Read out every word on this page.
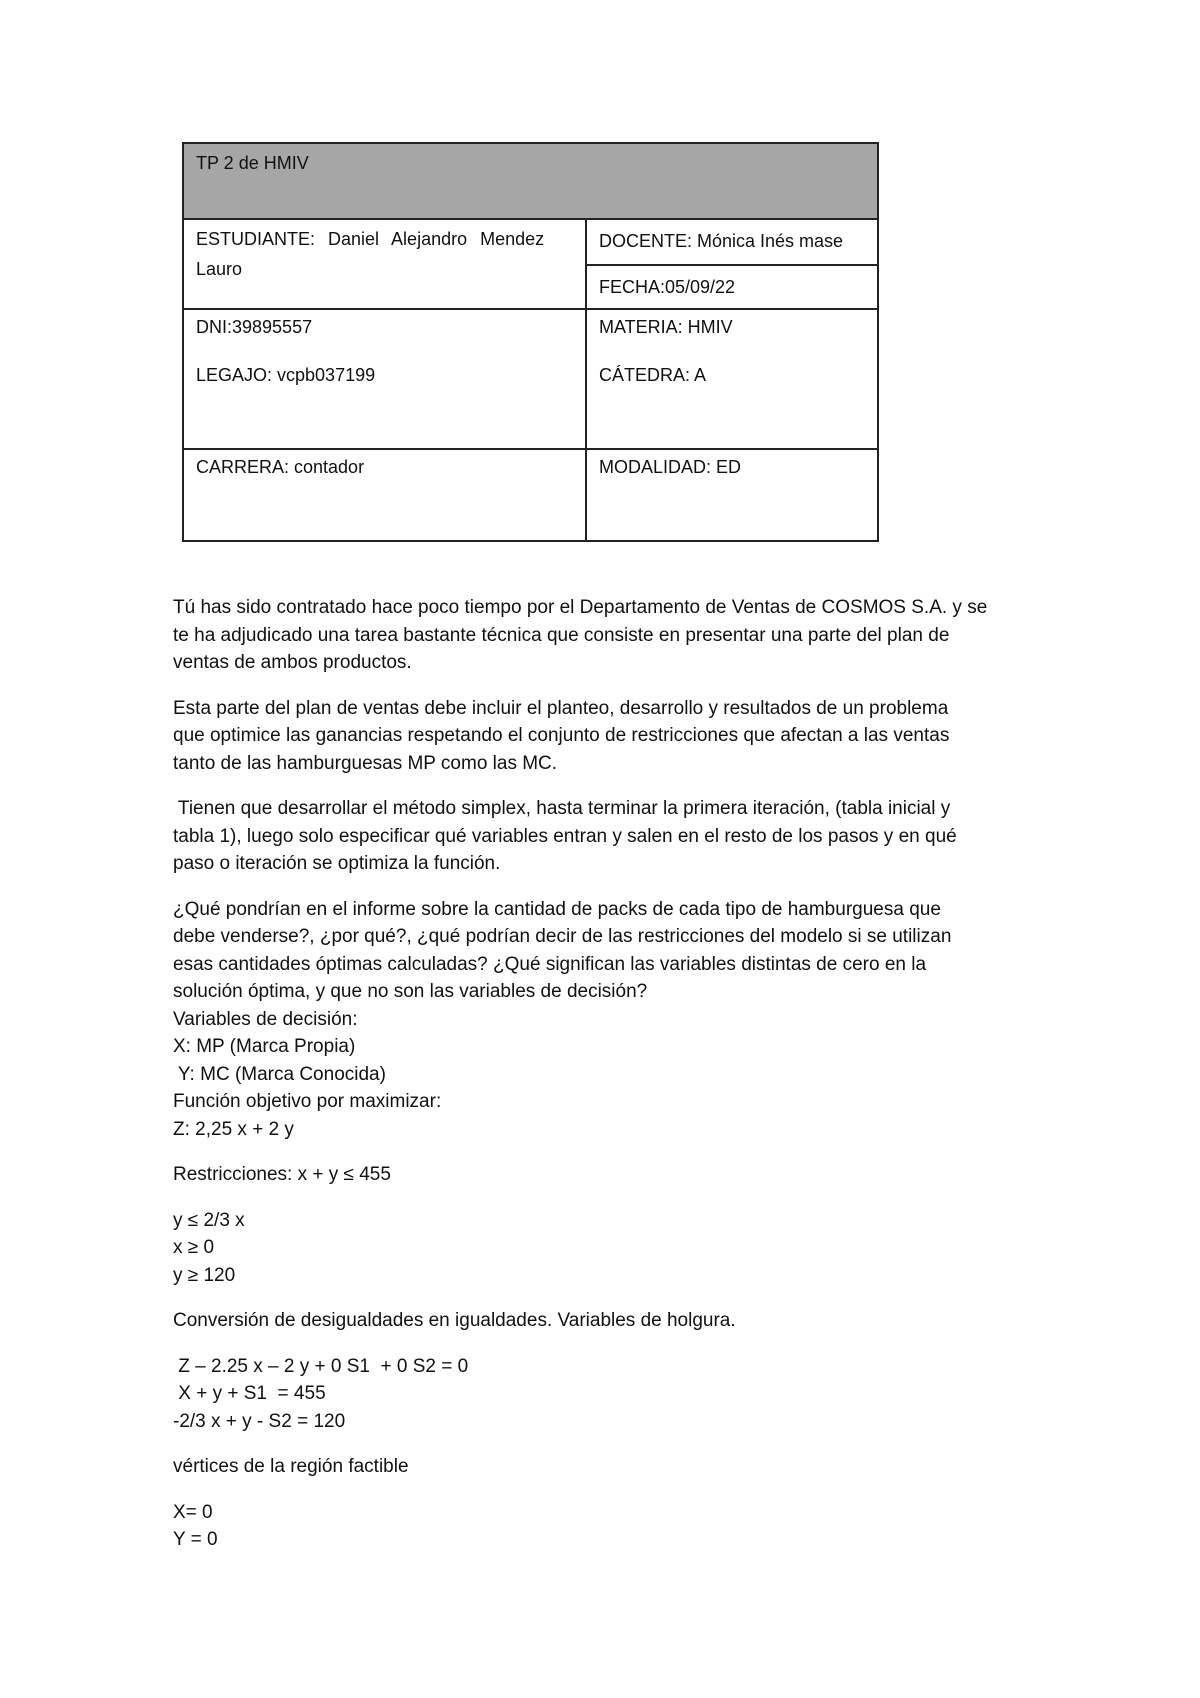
TP 2 de HMIV
ESTUDIANTE: Daniel Alejandro Mendez
Lauro
DOCENTE: Mónica Inés mase
FECHA:05/09/22
DNI:39895557
LEGAJO: vcpb037199
MATERIA: HMIV
CÁTEDRA: A
CARRERA: contador	MODALIDAD: ED
Tú has sido contratado hace poco tiempo por el Departamento de Ventas de COSMOS S.A. y se
te ha adjudicado una tarea bastante técnica que consiste en presentar una parte del plan de
ventas de ambos productos.
Esta parte del plan de ventas debe incluir el planteo, desarrollo y resultados de un problema
que optimice las ganancias respetando el conjunto de restricciones que afectan a las ventas
tanto de las hamburguesas MP como las MC.
Tienen que desarrollar el método simplex, hasta terminar la primera iteración, (tabla inicial y
tabla 1), luego solo especificar qué variables entran y salen en el resto de los pasos y en qué
paso o iteración se optimiza la función.
¿Qué pondrían en el informe sobre la cantidad de packs de cada tipo de hamburguesa que
debe venderse?, ¿por qué?, ¿qué podrían decir de las restricciones del modelo si se utilizan
esas cantidades óptimas calculadas? ¿Qué significan las variables distintas de cero en la
solución óptima, y que no son las variables de decisión?
Variables de decisión:
X: MP (Marca Propia)
Y: MC (Marca Conocida)
Función objetivo por maximizar:
Z: 2,25 x + 2 y
Restricciones: x + y ≤ 455
y ≤ 2/3 x
x ≥ 0
y ≥ 120
Conversión de desigualdades en igualdades. Variables de holgura.
Z – 2.25 x – 2 y + 0 S1  + 0 S2 = 0
X + y + S1  = 455
-2/3 x + y - S2 = 120
vértices de la región factible
X= 0
Y = 0
